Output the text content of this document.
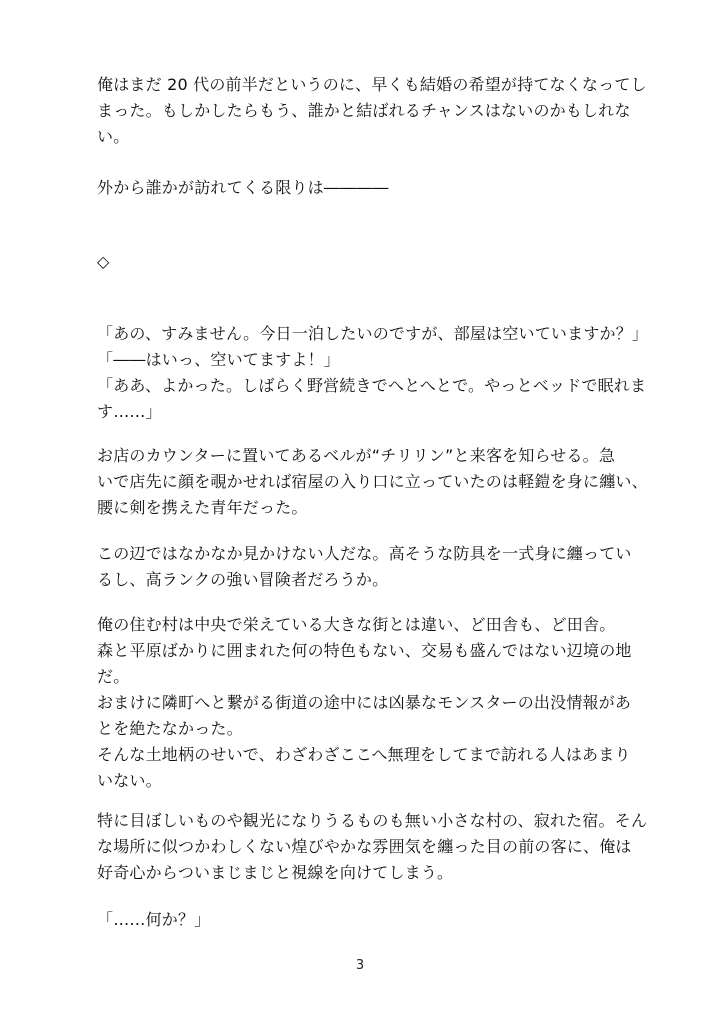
俺はまだ 20 代の前半だというのに、早くも結婚の希望が持てなくなってし
まった。もしかしたらもう、誰かと結ばれるチャンスはないのかもしれな
い。
外から誰かが訪れてくる限りは――――
◇
「あの、すみません。今日一泊したいのですが、部屋は空いていますか？」
「――はいっ、空いてますよ！」
「ああ、よかった。しばらく野営続きでへとへとで。やっとベッドで眠れま
す……」
お店のカウンターに置いてあるベルが“チリリン”と来客を知らせる。急
いで店先に顔を覗かせれば宿屋の入り口に立っていたのは軽鎧を身に纏い、
腰に剣を携えた青年だった。
この辺ではなかなか見かけない人だな。高そうな防具を一式身に纏ってい
るし、高ランクの強い冒険者だろうか。
俺の住む村は中央で栄えている大きな街とは違い、ど田舎も、ど田舎。
森と平原ばかりに囲まれた何の特色もない、交易も盛んではない辺境の地
だ。
おまけに隣町へと繋がる街道の途中には凶暴なモンスターの出没情報があ
とを絶たなかった。
そんな土地柄のせいで、わざわざここへ無理をしてまで訪れる人はあまり
いない。
特に目ぼしいものや観光になりうるものも無い小さな村の、寂れた宿。そん
な場所に似つかわしくない煌びやかな雰囲気を纏った目の前の客に、俺は
好奇心からついまじまじと視線を向けてしまう。
「……何か？」
3
